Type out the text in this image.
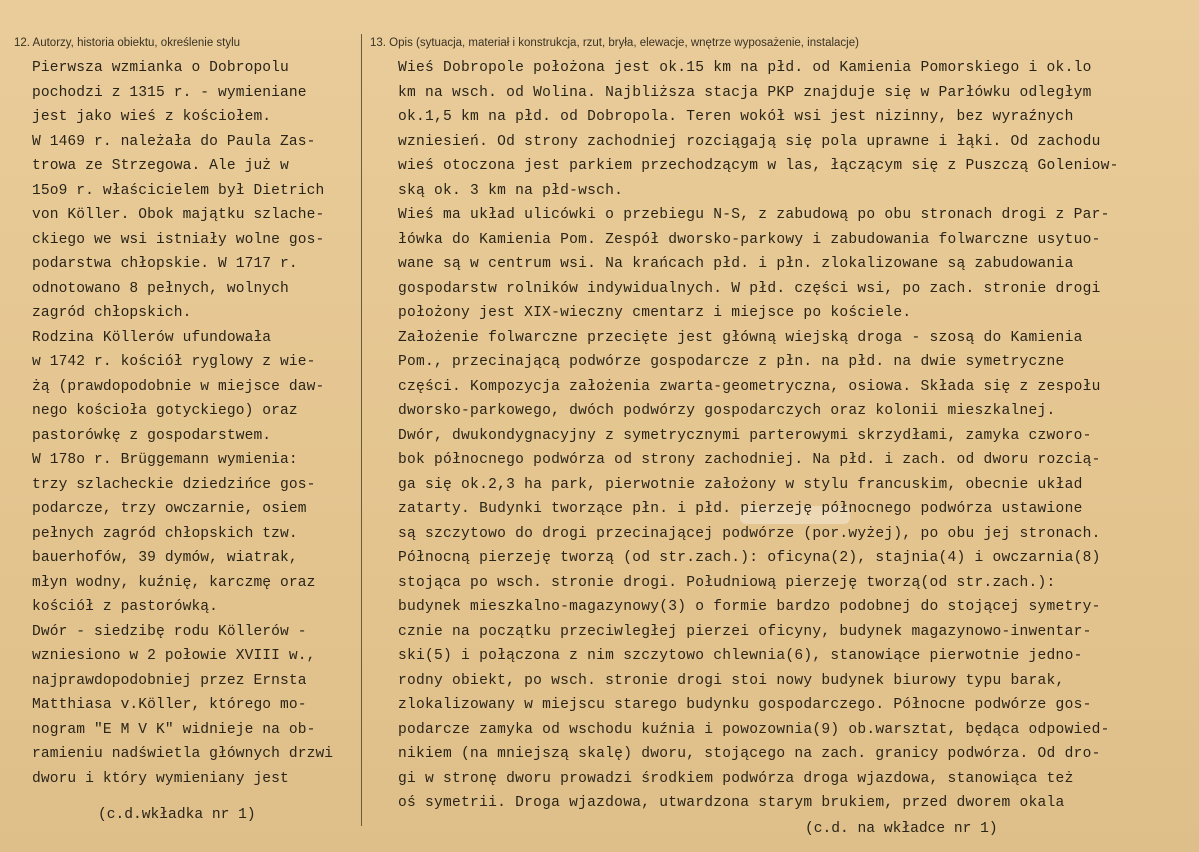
12. Autorzy, historia obiektu, określenie stylu	13. Opis (sytuacja, materiał i konstrukcja, rzut, bryła, elewacje, wnętrze wyposażenie, instalacje)
Pierwsza wzmianka o Dobropolu
pochodzi z 1315 r. - wymieniane
jest jako wieś z kościołem.
W 1469 r. należała do Paula Zas-
trowa ze Strzegowa. Ale już w
15o9 r. właścicielem był Dietrich
von Köller. Obok majątku szlache-
ckiego we wsi istniały wolne gos-
podarstwa chłopskie. W 1717 r.
odnotowano 8 pełnych, wolnych
zagród chłopskich.
Rodzina Köllerów ufundowała
w 1742 r. kościół ryglowy z wie-
żą (prawdopodobnie w miejsce daw-
nego kościoła gotyckiego) oraz
pastorówkę z gospodarstwem.
W 178o r. Brüggemann wymienia:
trzy szlacheckie dziedzińce gos-
podarcze, trzy owczarnie, osiem
pełnych zagród chłopskich tzw.
bauerhofów, 39 dymów, wiatrak,
młyn wodny, kuźnię, karczmę oraz
kościół z pastorówką.
Dwór - siedzibę rodu Köllerów -
wzniesiono w 2 połowie XVIII w.,
najprawdopodobniej przez Ernsta
Matthiasa v.Köller, którego mo-
nogram "E M V K" widnieje na ob-
ramieniu nadświetla głównych drzwi
dworu i który wymieniany jest
Wieś Dobropole położona jest ok.15 km na płd. od Kamienia Pomorskiego i ok.lo
km na wsch. od Wolina. Najbliższa stacja PKP znajduje się w Parłówku odległym
ok.1,5 km na płd. od Dobropola. Teren wokół wsi jest nizinny, bez wyraźnych
wzniesień. Od strony zachodniej rozciągają się pola uprawne i łąki. Od zachodu
wieś otoczona jest parkiem przechodzącym w las, łączącym się z Puszczą Goleniow-
ską ok. 3 km na płd-wsch.
Wieś ma układ ulicówki o przebiegu N-S, z zabudową po obu stronach drogi z Par-
łówka do Kamienia Pom. Zespół dworsko-parkowy i zabudowania folwarczne usytuo-
wane są w centrum wsi. Na krańcach płd. i płn. zlokalizowane są zabudowania
gospodarstw rolników indywidualnych. W płd. części wsi, po zach. stronie drogi
położony jest XIX-wieczny cmentarz i miejsce po kościele.
Założenie folwarczne przecięte jest główną wiejską droga - szosą do Kamienia
Pom., przecinającą podwórze gospodarcze z płn. na płd. na dwie symetryczne
części. Kompozycja założenia zwarta-geometryczna, osiowa. Składa się z zespołu
dworsko-parkowego, dwóch podwórzy gospodarczych oraz kolonii mieszkalnej.
Dwór, dwukondygnacyjny z symetrycznymi parterowymi skrzydłami, zamyka czworo-
bok północnego podwórza od strony zachodniej. Na płd. i zach. od dworu rozcią-
ga się ok.2,3 ha park, pierwotnie założony w stylu francuskim, obecnie układ
zatarty. Budynki tworzące płn. i płd. pierzeję północnego podwórza ustawione
są szczytowo do drogi przecinającej podwórze (por.wyżej), po obu jej stronach.
Północną pierzeję tworzą (od str.zach.): oficyna(2), stajnia(4) i owczarnia(8)
stojąca po wsch. stronie drogi. Południową pierzeję tworzą(od str.zach.):
budynek mieszkalno-magazynowy(3) o formie bardzo podobnej do stojącej symetry-
cznie na początku przeciwległej pierzei oficyny, budynek magazynowo-inwentar-
ski(5) i połączona z nim szczytowo chlewnia(6), stanowiące pierwotnie jedno-
rodny obiekt, po wsch. stronie drogi stoi nowy budynek biurowy typu barak,
zlokalizowany w miejscu starego budynku gospodarczego. Północne podwórze gos-
podarcze zamyka od wschodu kuźnia i powozownia(9) ob.warsztat, będąca odpowied-
nikiem (na mniejszą skalę) dworu, stojącego na zach. granicy podwórza. Od dro-
gi w stronę dworu prowadzi środkiem podwórza droga wjazdowa, stanowiąca też
oś symetrii. Droga wjazdowa, utwardzona starym brukiem, przed dworem okala
(c.d.wkładka nr 1)
(c.d. na wkładce nr 1)
